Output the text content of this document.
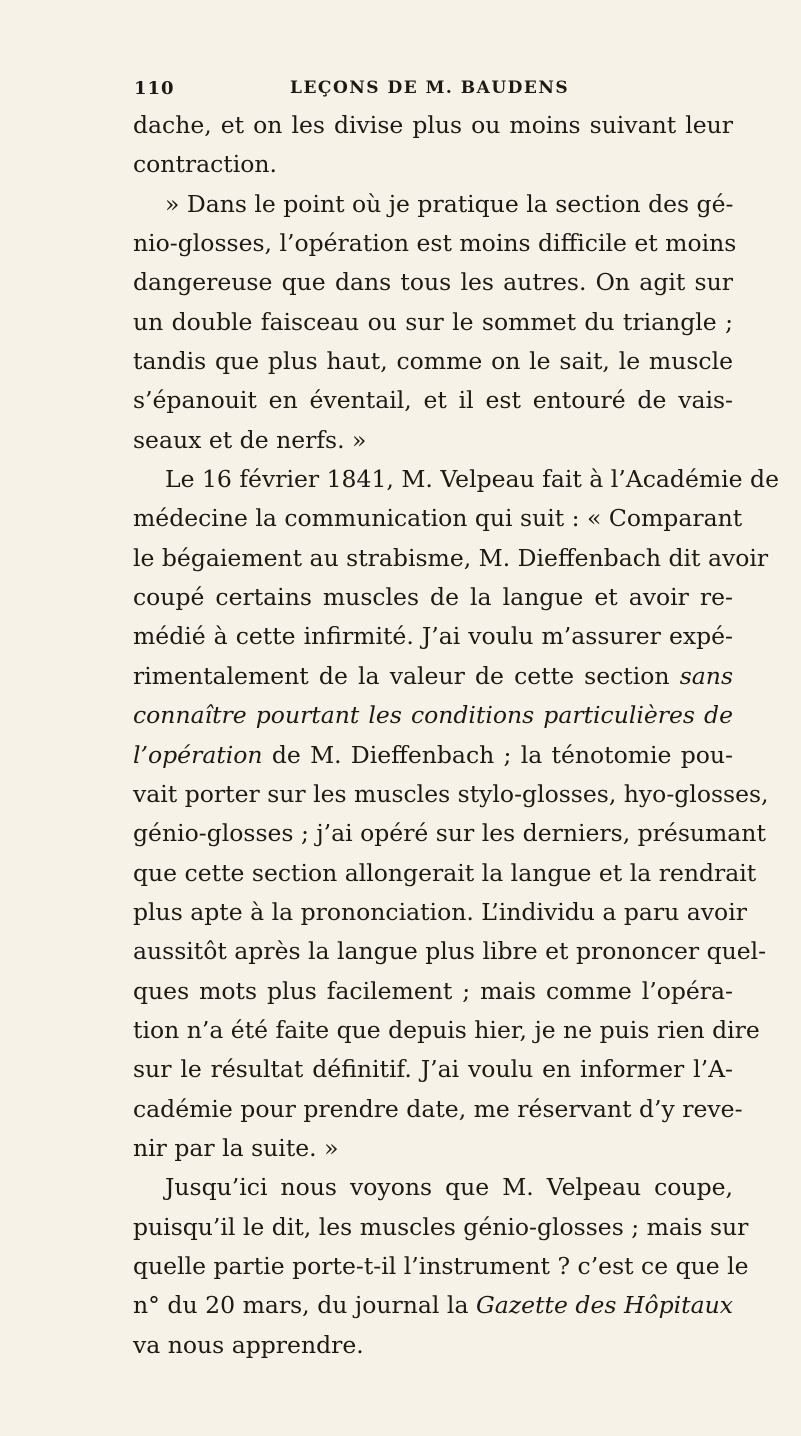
110	LEÇONS DE M. BAUDENS
dache, et on les divise plus ou moins suivant leur
contraction.
» Dans le point où je pratique la section des gé-
nio-glosses, l’opération est moins difficile et moins
dangereuse que dans tous les autres. On agit sur
un double faisceau ou sur le sommet du triangle ;
tandis que plus haut, comme on le sait, le muscle
s’épanouit en éventail, et il est entouré de vais-
seaux et de nerfs. »
Le 16 février 1841, M. Velpeau fait à l’Académie de
médecine la communication qui suit : « Comparant
le bégaiement au strabisme, M. Dieffenbach dit avoir
coupé certains muscles de la langue et avoir re-
médié à cette infirmité. J’ai voulu m’assurer expé-
rimentalement de la valeur de cette section sans
connaître pourtant les conditions particulières de
l’opération de M. Dieffenbach ; la ténotomie pou-
vait porter sur les muscles stylo-glosses, hyo-glosses,
génio-glosses ; j’ai opéré sur les derniers, présumant
que cette section allongerait la langue et la rendrait
plus apte à la prononciation. L’individu a paru avoir
aussitôt après la langue plus libre et prononcer quel-
ques mots plus facilement ; mais comme l’opéra-
tion n’a été faite que depuis hier, je ne puis rien dire
sur le résultat définitif. J’ai voulu en informer l’A-
cadémie pour prendre date, me réservant d’y reve-
nir par la suite. »
Jusqu’ici nous voyons que M. Velpeau coupe,
puisqu’il le dit, les muscles génio-glosses ; mais sur
quelle partie porte-t-il l’instrument ? c’est ce que le
n° du 20 mars, du journal la Gazette des Hôpitaux
va nous apprendre.
